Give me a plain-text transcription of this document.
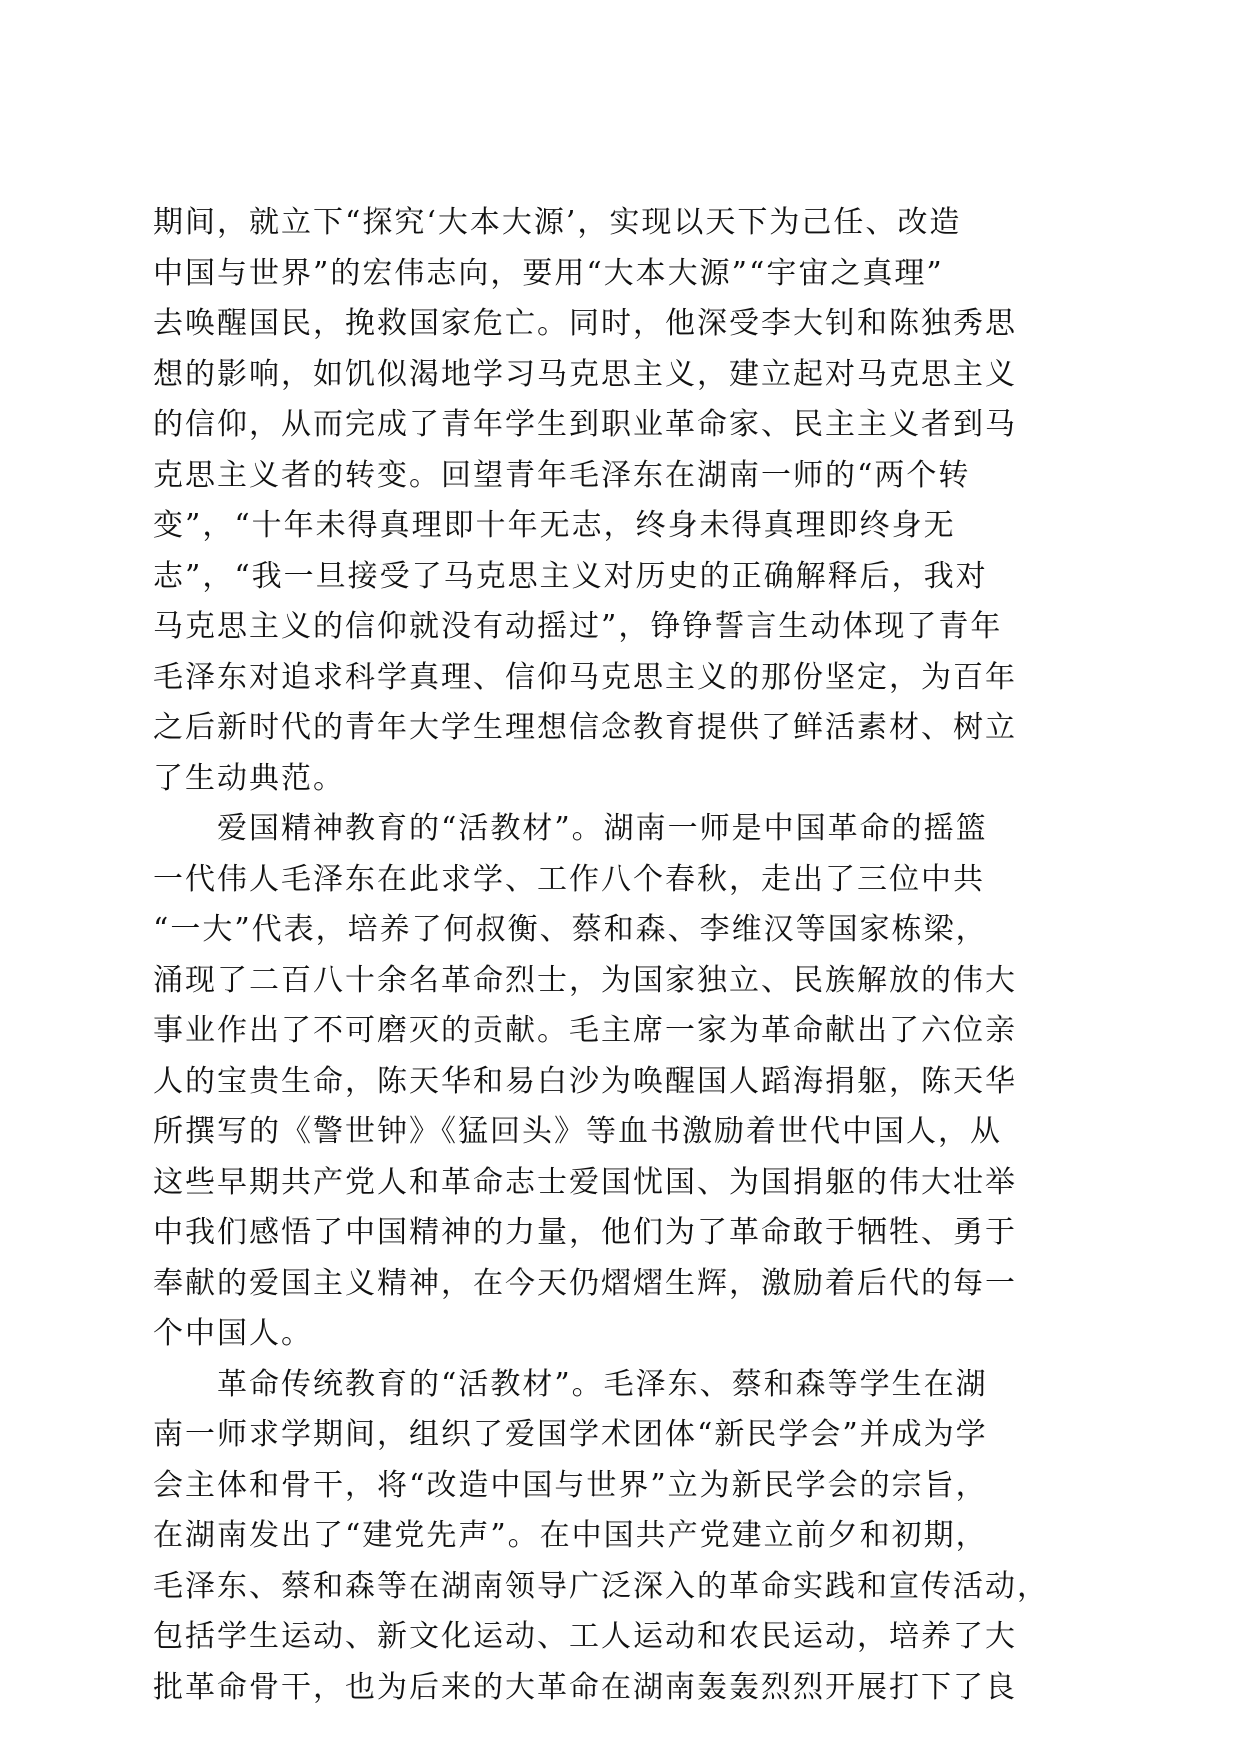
期间，就立下“探究‘大本大源’，实现以天下为己任、改造
中国与世界”的宏伟志向，要用“大本大源”“宇宙之真理”
去唤醒国民，挽救国家危亡。同时，他深受李大钊和陈独秀思
想的影响，如饥似渴地学习马克思主义，建立起对马克思主义
的信仰，从而完成了青年学生到职业革命家、民主主义者到马
克思主义者的转变。回望青年毛泽东在湖南一师的“两个转
变”，“十年未得真理即十年无志，终身未得真理即终身无
志”，“我一旦接受了马克思主义对历史的正确解释后，我对
马克思主义的信仰就没有动摇过”，铮铮誓言生动体现了青年
毛泽东对追求科学真理、信仰马克思主义的那份坚定，为百年
之后新时代的青年大学生理想信念教育提供了鲜活素材、树立
了生动典范。
爱国精神教育的“活教材”。湖南一师是中国革命的摇篮
一代伟人毛泽东在此求学、工作八个春秋，走出了三位中共
“一大”代表，培养了何叔衡、蔡和森、李维汉等国家栋梁，
涌现了二百八十余名革命烈士，为国家独立、民族解放的伟大
事业作出了不可磨灭的贡献。毛主席一家为革命献出了六位亲
人的宝贵生命，陈天华和易白沙为唤醒国人蹈海捐躯，陈天华
所撰写的《警世钟》《猛回头》等血书激励着世代中国人，从
这些早期共产党人和革命志士爱国忧国、为国捐躯的伟大壮举
中我们感悟了中国精神的力量，他们为了革命敢于牺牲、勇于
奉献的爱国主义精神，在今天仍熠熠生辉，激励着后代的每一
个中国人。
革命传统教育的“活教材”。毛泽东、蔡和森等学生在湖
南一师求学期间，组织了爱国学术团体“新民学会”并成为学
会主体和骨干，将“改造中国与世界”立为新民学会的宗旨，
在湖南发出了“建党先声”。在中国共产党建立前夕和初期，
毛泽东、蔡和森等在湖南领导广泛深入的革命实践和宣传活动，
包括学生运动、新文化运动、工人运动和农民运动，培养了大
批革命骨干，也为后来的大革命在湖南轰轰烈烈开展打下了良
